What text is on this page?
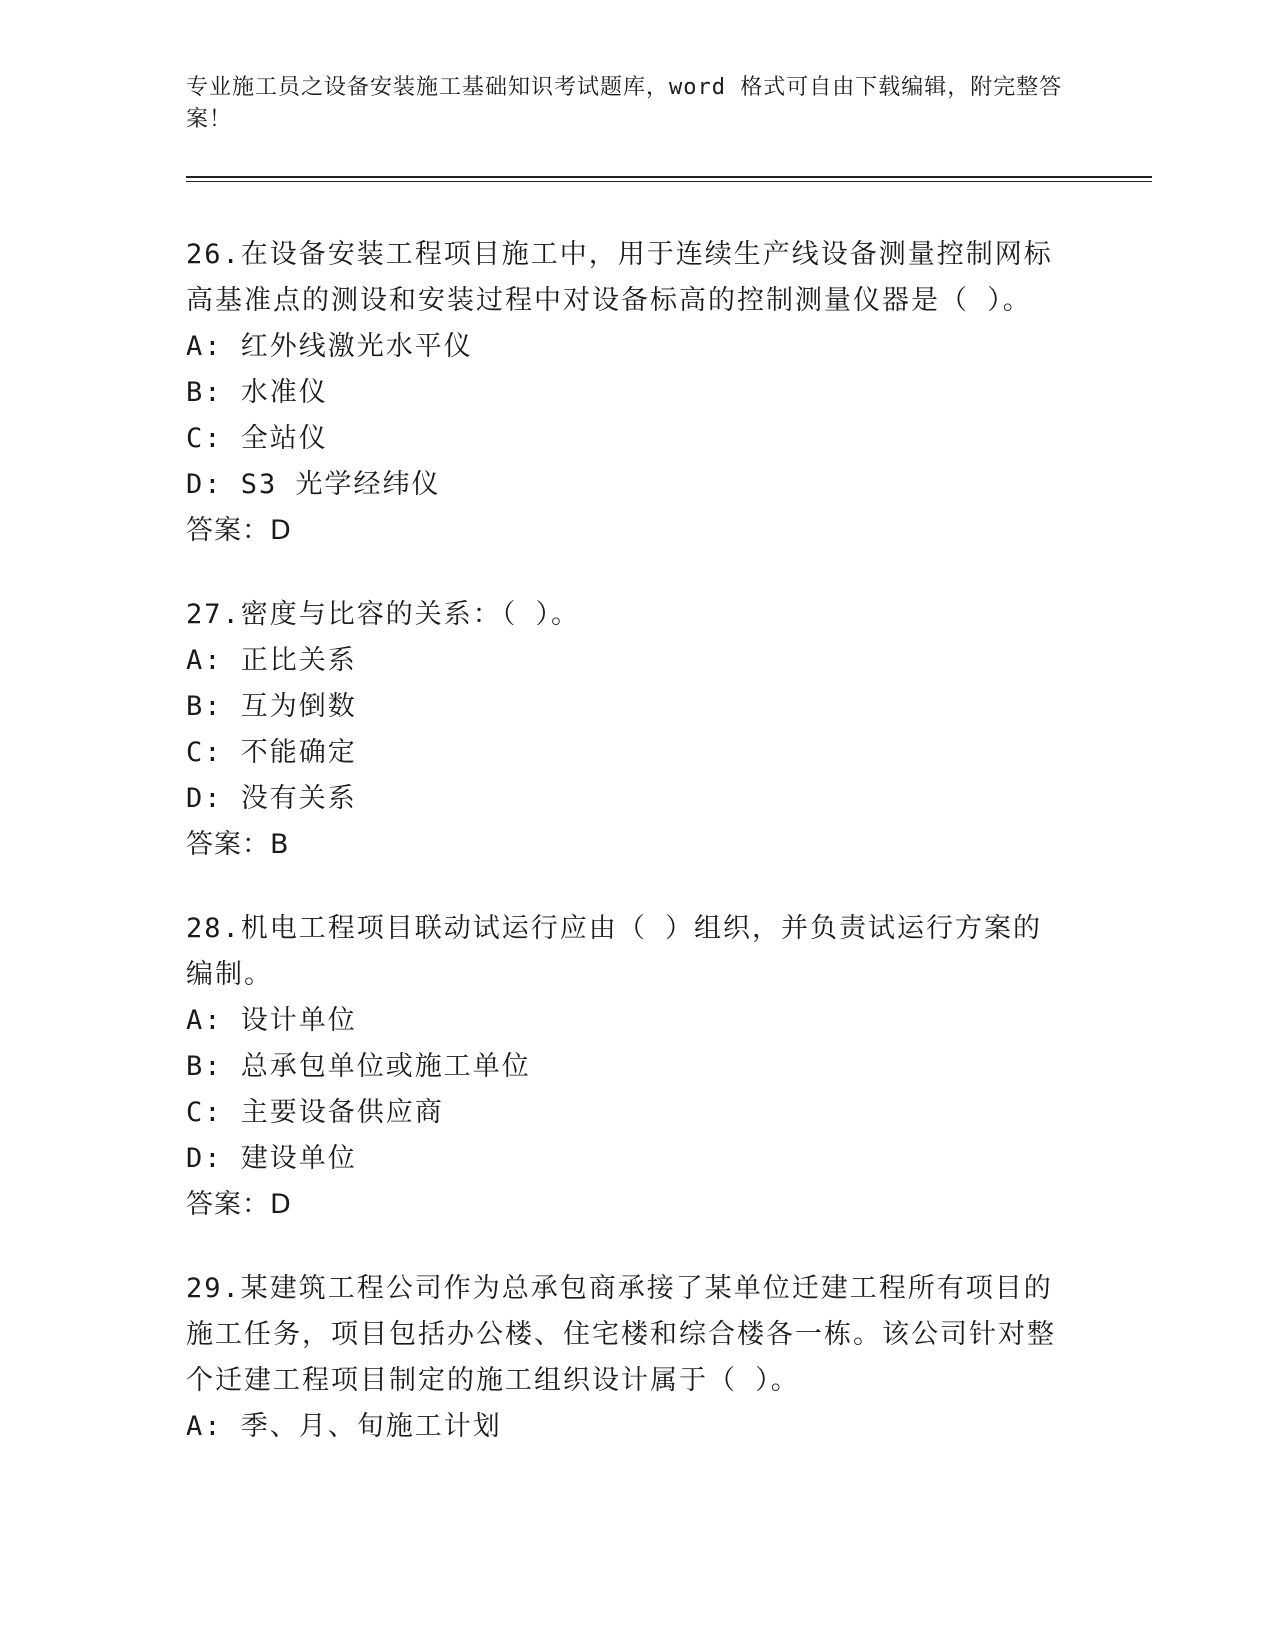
专业施工员之设备安装施工基础知识考试题库，word 格式可自由下载编辑，附完整答案！
26.在设备安装工程项目施工中，用于连续生产线设备测量控制网标高基准点的测设和安装过程中对设备标高的控制测量仪器是（ ）。
A: 红外线激光水平仪
B: 水准仪
C: 全站仪
D: S3 光学经纬仪
答案：D
27.密度与比容的关系：（ ）。
A: 正比关系
B: 互为倒数
C: 不能确定
D: 没有关系
答案：B
28.机电工程项目联动试运行应由（ ）组织，并负责试运行方案的编制。
A: 设计单位
B: 总承包单位或施工单位
C: 主要设备供应商
D: 建设单位
答案：D
29.某建筑工程公司作为总承包商承接了某单位迁建工程所有项目的施工任务，项目包括办公楼、住宅楼和综合楼各一栋。该公司针对整个迁建工程项目制定的施工组织设计属于（ ）。
A: 季、月、旬施工计划
